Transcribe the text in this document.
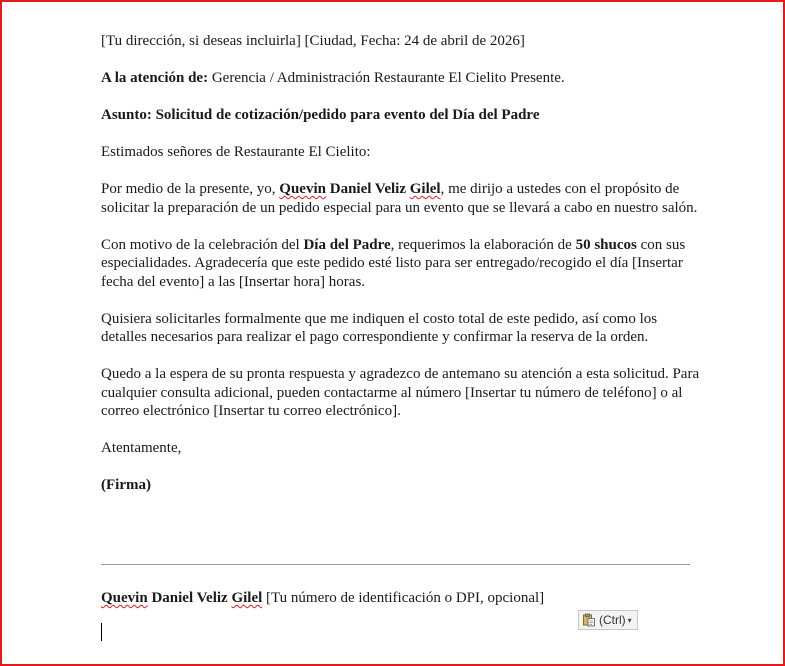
[Tu dirección, si deseas incluirla] [Ciudad, Fecha: 24 de abril de 2026]

A la atención de: Gerencia / Administración Restaurante El Cielito Presente.

Asunto: Solicitud de cotización/pedido para evento del Día del Padre

Estimados señores de Restaurante El Cielito:

Por medio de la presente, yo, Quevin Daniel Veliz Gilel, me dirijo a ustedes con el propósito de solicitar la preparación de un pedido especial para un evento que se llevará a cabo en nuestro salón.

Con motivo de la celebración del Día del Padre, requerimos la elaboración de 50 shucos con sus especialidades. Agradecería que este pedido esté listo para ser entregado/recogido el día [Insertar fecha del evento] a las [Insertar hora] horas.

Quisiera solicitarles formalmente que me indiquen el costo total de este pedido, así como los detalles necesarios para realizar el pago correspondiente y confirmar la reserva de la orden.

Quedo a la espera de su pronta respuesta y agradezco de antemano su atención a esta solicitud. Para cualquier consulta adicional, pueden contactarme al número [Insertar tu número de teléfono] o al correo electrónico [Insertar tu correo electrónico].

Atentamente,

(Firma)

Quevin Daniel Veliz Gilel [Tu número de identificación o DPI, opcional]
(Ctrl) ▾
